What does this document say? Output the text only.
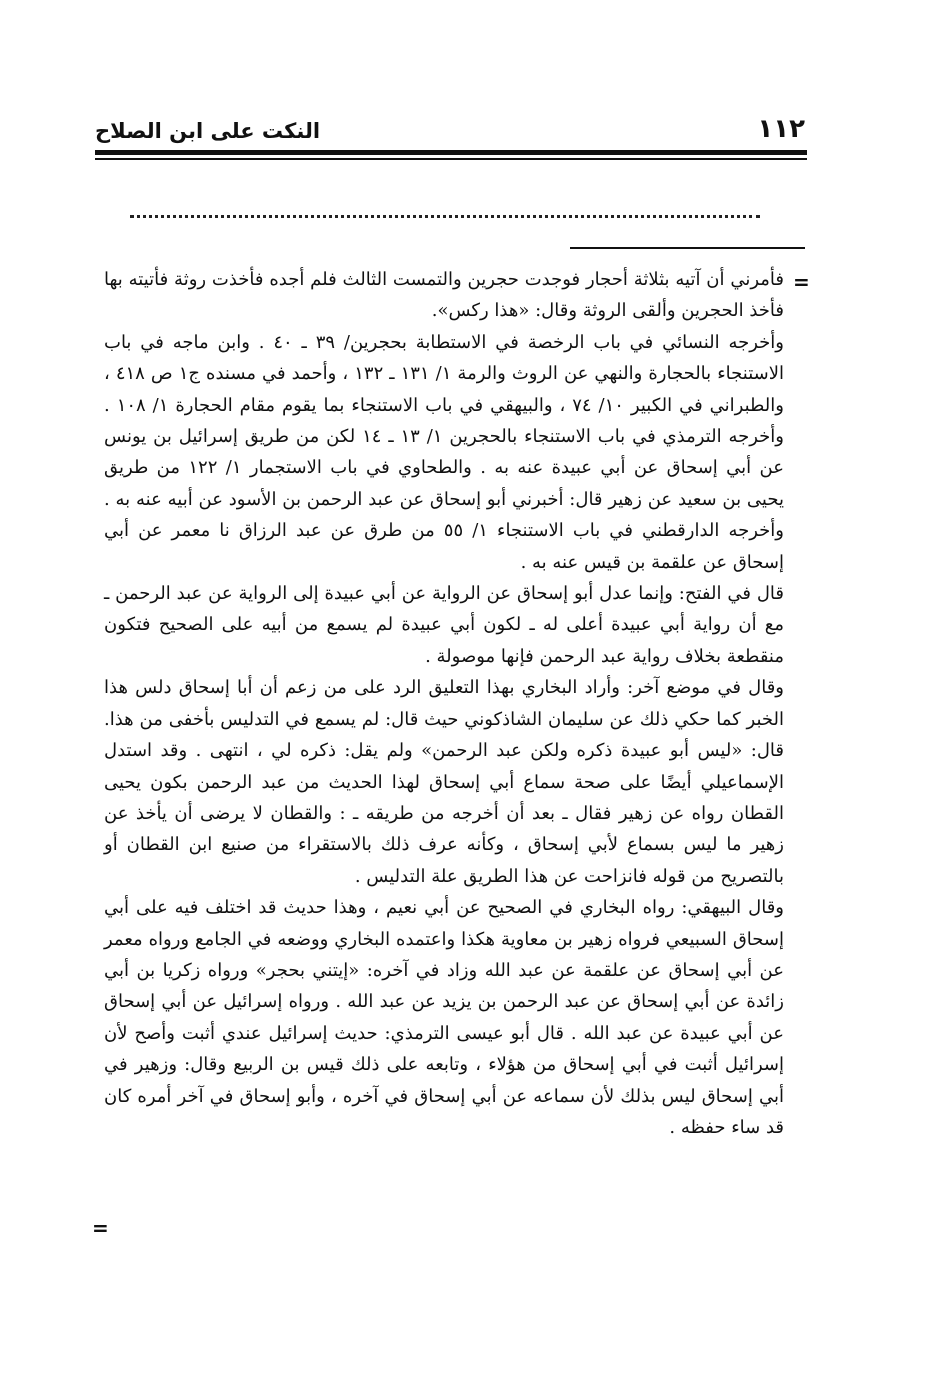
١١٢
النكت على ابن الصلاح
=

فأمرني أن آتيه بثلاثة أحجار فوجدت حجرين والتمست الثالث فلم أجده فأخذت روثة فأتيته بها فأخذ الحجرين وألقى الروثة وقال: «هذا ركس».

وأخرجه النسائي في باب الرخصة في الاستطابة بحجرين/ ٣٩ ـ ٤٠ . وابن ماجه في باب الاستنجاء بالحجارة والنهي عن الروث والرمة ١/ ١٣١ ـ ١٣٢ ، وأحمد في مسنده ج١ ص ٤١٨ ، والطبراني في الكبير ١٠/ ٧٤ ، والبيهقي في باب الاستنجاء بما يقوم مقام الحجارة ١/ ١٠٨ . وأخرجه الترمذي في باب الاستنجاء بالحجرين ١/ ١٣ ـ ١٤ لكن من طريق إسرائيل بن يونس عن أبي إسحاق عن أبي عبيدة عنه به . والطحاوي في باب الاستجمار ١/ ١٢٢ من طريق يحيى بن سعيد عن زهير قال: أخبرني أبو إسحاق عن عبد الرحمن بن الأسود عن أبيه عنه به . وأخرجه الدارقطني في باب الاستنجاء ١/ ٥٥ من طرق عن عبد الرزاق نا معمر عن أبي إسحاق عن علقمة بن قيس عنه به .

قال في الفتح: وإنما عدل أبو إسحاق عن الرواية عن أبي عبيدة إلى الرواية عن عبد الرحمن ـ مع أن رواية أبي عبيدة أعلى له ـ لكون أبي عبيدة لم يسمع من أبيه على الصحيح فتكون منقطعة بخلاف رواية عبد الرحمن فإنها موصولة .

وقال في موضع آخر: وأراد البخاري بهذا التعليق الرد على من زعم أن أبا إسحاق دلس هذا الخبر كما حكي ذلك عن سليمان الشاذكوني حيث قال: لم يسمع في التدليس بأخفى من هذا. قال: «ليس أبو عبيدة ذكره ولكن عبد الرحمن» ولم يقل: ذكره لي ، انتهى . وقد استدل الإسماعيلي أيضًا على صحة سماع أبي إسحاق لهذا الحديث من عبد الرحمن بكون يحيى القطان رواه عن زهير فقال ـ بعد أن أخرجه من طريقه ـ : والقطان لا يرضى أن يأخذ عن زهير ما ليس بسماع لأبي إسحاق ، وكأنه عرف ذلك بالاستقراء من صنيع ابن القطان أو بالتصريح من قوله فانزاحت عن هذا الطريق علة التدليس .

وقال البيهقي: رواه البخاري في الصحيح عن أبي نعيم ، وهذا حديث قد اختلف فيه على أبي إسحاق السبيعي فرواه زهير بن معاوية هكذا واعتمده البخاري ووضعه في الجامع ورواه معمر عن أبي إسحاق عن علقمة عن عبد الله وزاد في آخره: «إيتني بحجر» ورواه زكريا بن أبي زائدة عن أبي إسحاق عن عبد الرحمن بن يزيد عن عبد الله . ورواه إسرائيل عن أبي إسحاق عن أبي عبيدة عن عبد الله . قال أبو عيسى الترمذي: حديث إسرائيل عندي أثبت وأصح لأن إسرائيل أثبت في أبي إسحاق من هؤلاء ، وتابعه على ذلك قيس بن الربيع وقال: وزهير في أبي إسحاق ليس بذلك لأن سماعه عن أبي إسحاق في آخره ، وأبو إسحاق في آخر أمره كان قد ساء حفظه .

=
